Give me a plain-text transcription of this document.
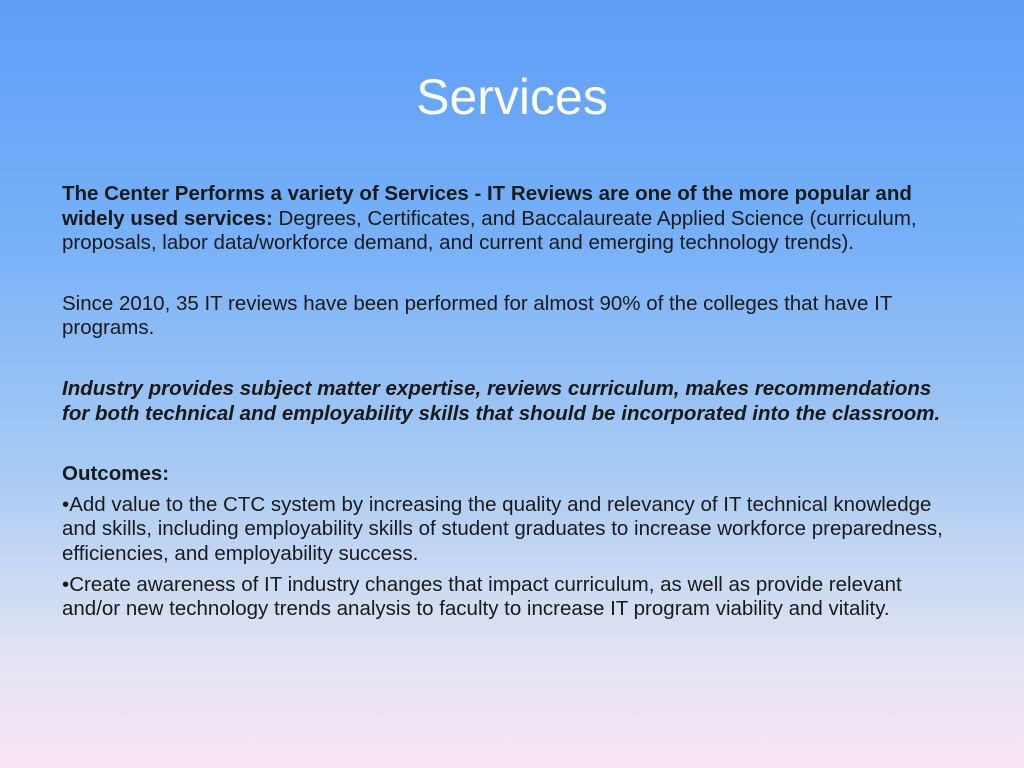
Services

The Center Performs a variety of Services - IT Reviews are one of the more popular and widely used services: Degrees, Certificates, and Baccalaureate Applied Science (curriculum, proposals, labor data/workforce demand, and current and emerging technology trends).

Since 2010, 35 IT reviews have been performed for almost 90% of the colleges that have IT programs.

Industry provides subject matter expertise, reviews curriculum, makes recommendations for both technical and employability skills that should be incorporated into the classroom.

Outcomes:

•Add value to the CTC system by increasing the quality and relevancy of IT technical knowledge and skills, including employability skills of student graduates to increase workforce preparedness, efficiencies, and employability success.

•Create awareness of IT industry changes that impact curriculum, as well as provide relevant and/or new technology trends analysis to faculty to increase IT program viability and vitality.
